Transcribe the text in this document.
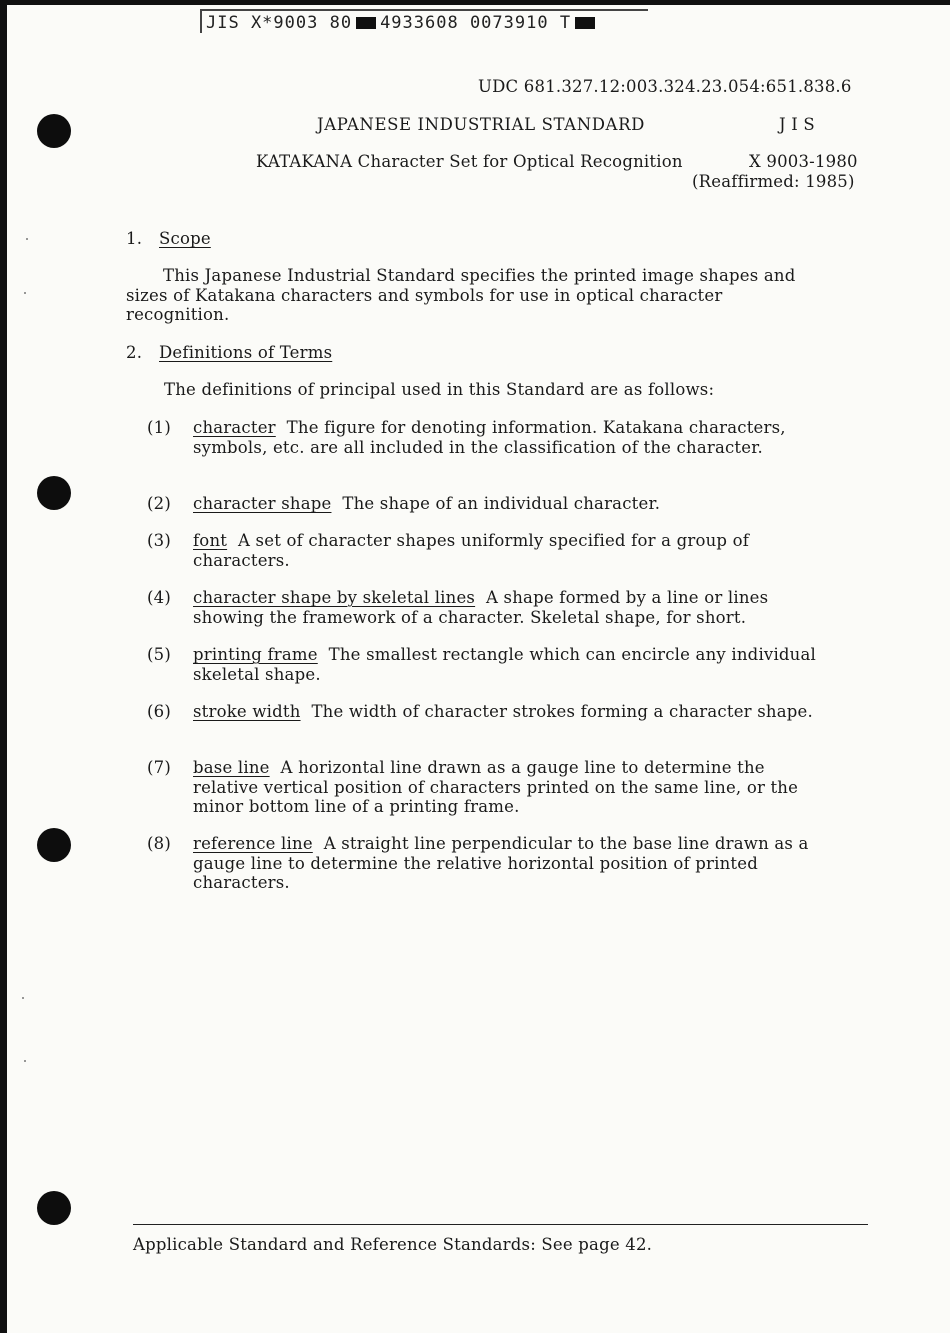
JIS X*9003 80 4933608 0073910 T
UDC 681.327.12:003.324.23.054:651.838.6
JAPANESE INDUSTRIAL STANDARD	J I S
KATAKANA Character Set for Optical Recognition	X 9003-1980
(Reaffirmed: 1985)
1. Scope
This Japanese Industrial Standard specifies the printed image shapes and sizes of Katakana characters and symbols for use in optical character recognition.
2. Definitions of Terms
The definitions of principal used in this Standard are as follows:
(1) character The figure for denoting information. Katakana characters, symbols, etc. are all included in the classification of the character.
(2) character shape The shape of an individual character.
(3) font A set of character shapes uniformly specified for a group of characters.
(4) character shape by skeletal lines A shape formed by a line or lines showing the framework of a character. Skeletal shape, for short.
(5) printing frame The smallest rectangle which can encircle any individual skeletal shape.
(6) stroke width The width of character strokes forming a character shape.
(7) base line A horizontal line drawn as a gauge line to determine the relative vertical position of characters printed on the same line, or the minor bottom line of a printing frame.
(8) reference line A straight line perpendicular to the base line drawn as a gauge line to determine the relative horizontal position of printed characters.
Applicable Standard and Reference Standards: See page 42.
